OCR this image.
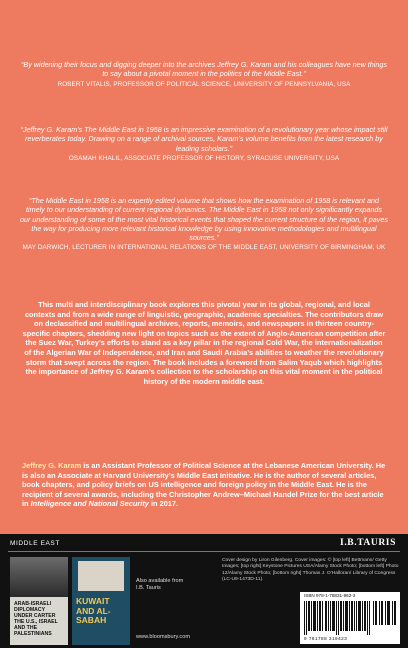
“By widening their focus and digging deeper into the archives Jeffrey G. Karam and his colleagues have new things to say about a pivotal moment in the politics of the Middle East.”

ROBERT VITALIS, PROFESSOR OF POLITICAL SCIENCE, UNIVERSITY OF PENNSYLVANIA, USA

“Jeffrey G. Karam’s The Middle East in 1958 is an impressive examination of a revolutionary year whose impact still reverberates today. Drawing on a range of archival sources, Karam’s volume benefits from the latest research by leading scholars.”

OSAMAH KHALIL, ASSOCIATE PROFESSOR OF HISTORY, SYRACUSE UNIVERSITY, USA

“The Middle East in 1958 is an expertly edited volume that shows how the examination of 1958 is relevant and timely to our understanding of current regional dynamics. The Middle East in 1958 not only significantly expands our understanding of some of the most vital historical events that shaped the current structure of the region, it paves the way for producing more relevant historical knowledge by using innovative methodologies and multilingual sources.”

MAY DARWICH, LECTURER IN INTERNATIONAL RELATIONS OF THE MIDDLE EAST, UNIVERSITY OF BIRMINGHAM, UK

This multi and interdisciplinary book explores this pivotal year in its global, regional, and local contexts and from a wide range of linguistic, geographic, academic specialties. The contributors draw on declassified and multilingual archives, reports, memoirs, and newspapers in thirteen country-specific chapters, shedding new light on topics such as the extent of Anglo-American competition after the Suez War, Turkey’s efforts to stand as a key pillar in the regional Cold War, the internationalization of the Algerian War of Independence, and Iran and Saudi Arabia’s abilities to weather the revolutionary storm that swept across the region. The book includes a foreword from Salim Yaqub which highlights the importance of Jeffrey G. Karam’s collection to the scholarship on this vital moment in the political history of the modern middle east.

Jeffrey G. Karam is an Assistant Professor of Political Science at the Lebanese American University. He is also an Associate at Harvard University’s Middle East Initiative. He is the author of several articles, book chapters, and policy briefs on US intelligence and foreign policy in the Middle East. He is the recipient of several awards, including the Christopher Andrew–Michael Handel Prize for the best article in Intelligence and National Security in 2017.

MIDDLE EAST	I.B.TAURIS
ARAB-ISRAELI DIPLOMACY UNDER CARTER
THE U.S., ISRAEL AND THE PALESTINIANS
KUWAIT AND AL-SABAH
Also available from
I.B. Tauris
www.bloomsbury.com
Cover design by Liron Gilenberg. Cover images: © [top left] Bettmann/ Getty Images; [top right] Keystone Pictures USA/Alamy Stock Photo; [bottom left] Photo 12/Alamy Stock Photo; [bottom right] Thomas J. O’Halloran/ Library of Congress (LC-U9-1473D-11).
ISBN 978-1-78831-962-3
9 781788 319423
